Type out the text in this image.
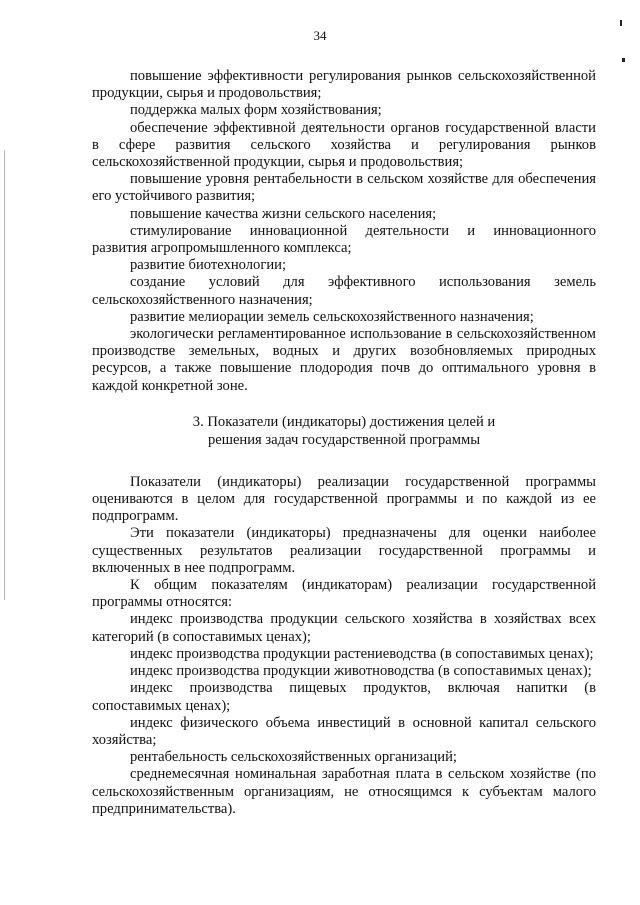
34

повышение эффективности регулирования рынков сельскохозяйственной продукции, сырья и продовольствия;

поддержка малых форм хозяйствования;

обеспечение эффективной деятельности органов государственной власти в сфере развития сельского хозяйства и регулирования рынков сельскохозяйственной продукции, сырья и продовольствия;

повышение уровня рентабельности в сельском хозяйстве для обеспечения его устойчивого развития;

повышение качества жизни сельского населения;

стимулирование инновационной деятельности и инновационного развития агропромышленного комплекса;

развитие биотехнологии;

создание условий для эффективного использования земель сельскохозяйственного назначения;

развитие мелиорации земель сельскохозяйственного назначения;

экологически регламентированное использование в сельскохозяйственном производстве земельных, водных и других возобновляемых природных ресурсов, а также повышение плодородия почв до оптимального уровня в каждой конкретной зоне.

3. Показатели (индикаторы) достижения целей и
решения задач государственной программы

Показатели (индикаторы) реализации государственной программы оцениваются в целом для государственной программы и по каждой из ее подпрограмм.

Эти показатели (индикаторы) предназначены для оценки наиболее существенных результатов реализации государственной программы и включенных в нее подпрограмм.

К общим показателям (индикаторам) реализации государственной программы относятся:

индекс производства продукции сельского хозяйства в хозяйствах всех категорий (в сопоставимых ценах);

индекс производства продукции растениеводства (в сопоставимых ценах);

индекс производства продукции животноводства (в сопоставимых ценах);

индекс производства пищевых продуктов, включая напитки (в сопоставимых ценах);

индекс физического объема инвестиций в основной капитал сельского хозяйства;

рентабельность сельскохозяйственных организаций;

среднемесячная номинальная заработная плата в сельском хозяйстве (по сельскохозяйственным организациям, не относящимся к субъектам малого предпринимательства).
